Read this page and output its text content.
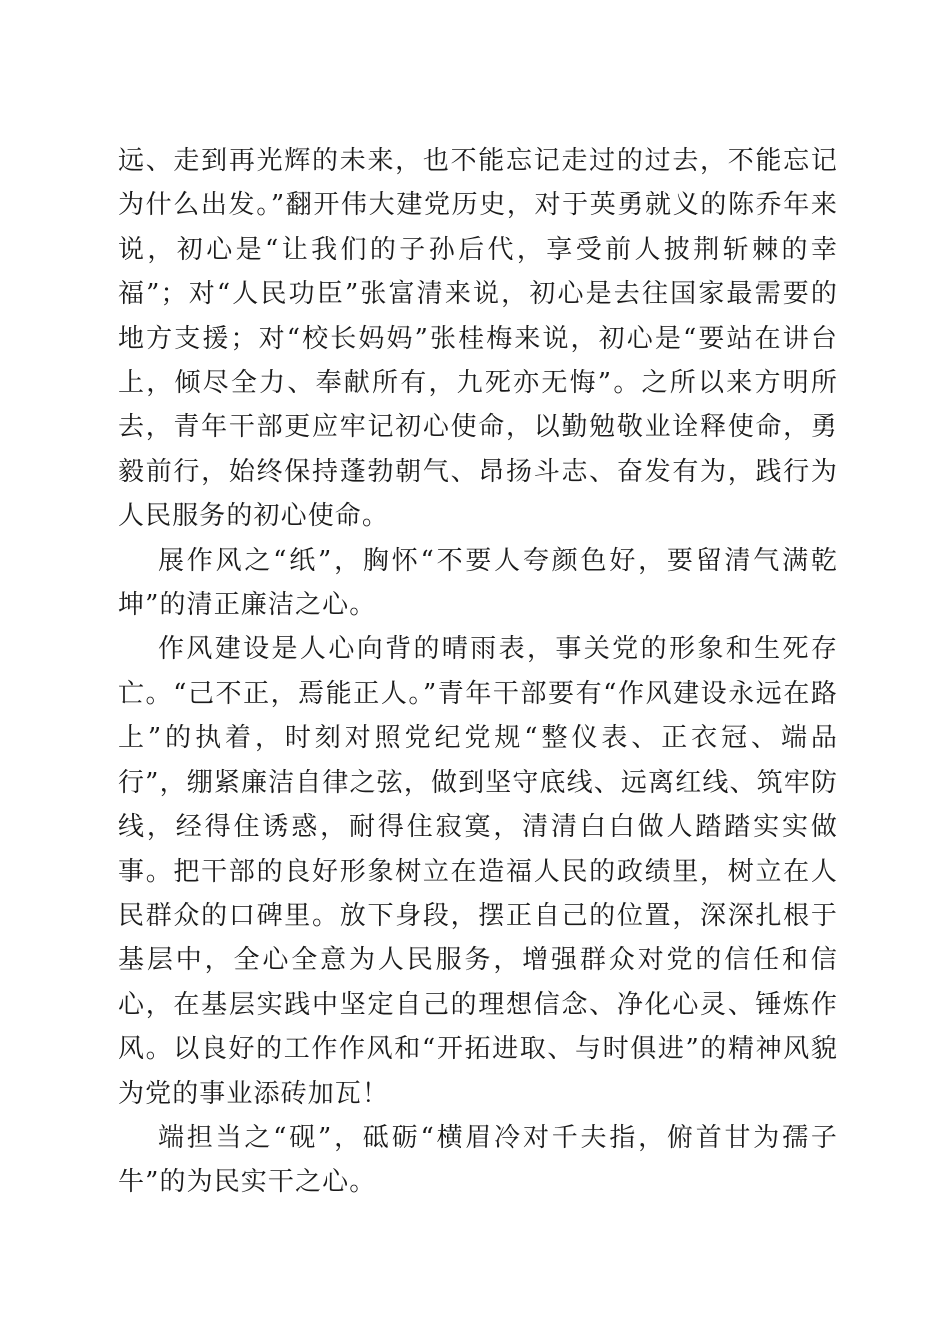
远、走到再光辉的未来，也不能忘记走过的过去，不能忘记为什么出发。”翻开伟大建党历史，对于英勇就义的陈乔年来说，初心是“让我们的子孙后代，享受前人披荆斩棘的幸福”；对“人民功臣”张富清来说，初心是去往国家最需要的地方支援；对“校长妈妈”张桂梅来说，初心是“要站在讲台上，倾尽全力、奉献所有，九死亦无悔”。之所以来方明所去，青年干部更应牢记初心使命，以勤勉敬业诠释使命，勇毅前行，始终保持蓬勃朝气、昂扬斗志、奋发有为，践行为人民服务的初心使命。

展作风之“纸”，胸怀“不要人夸颜色好，要留清气满乾坤”的清正廉洁之心。

作风建设是人心向背的晴雨表，事关党的形象和生死存亡。“己不正，焉能正人。”青年干部要有“作风建设永远在路上”的执着，时刻对照党纪党规“整仪表、正衣冠、端品行”，绷紧廉洁自律之弦，做到坚守底线、远离红线、筑牢防线，经得住诱惑，耐得住寂寞，清清白白做人踏踏实实做事。把干部的良好形象树立在造福人民的政绩里，树立在人民群众的口碑里。放下身段，摆正自己的位置，深深扎根于基层中，全心全意为人民服务，增强群众对党的信任和信心，在基层实践中坚定自己的理想信念、净化心灵、锤炼作风。以良好的工作作风和“开拓进取、与时俱进”的精神风貌为党的事业添砖加瓦！

端担当之“砚”，砥砺“横眉冷对千夫指，俯首甘为孺子牛”的为民实干之心。
